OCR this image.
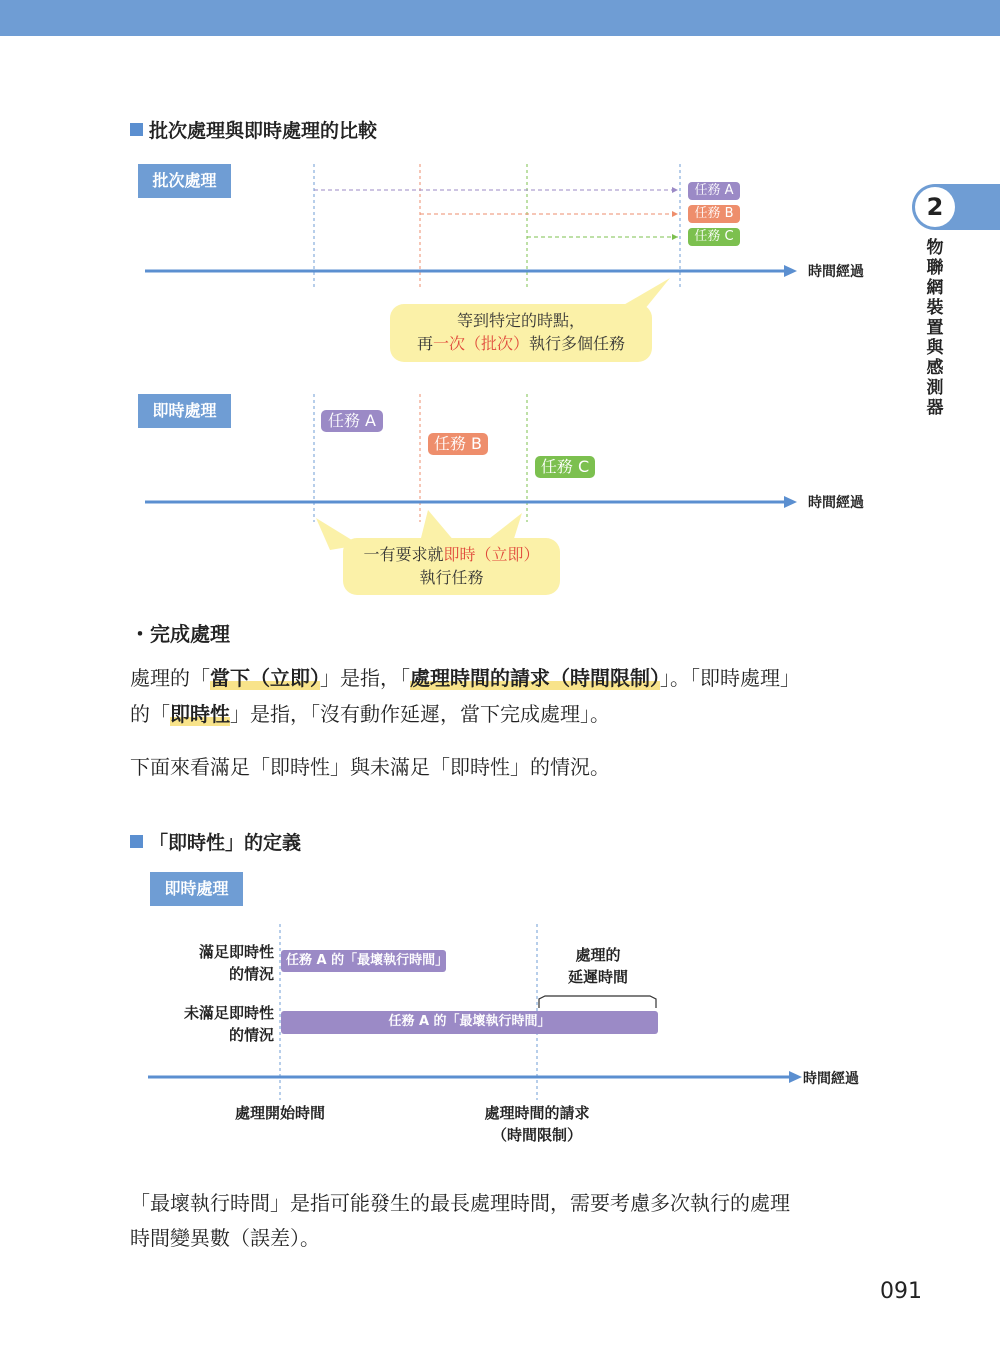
2
物聯網裝置與感測器
批次處理與即時處理的比較
批次處理
任務 A
任務 B
任務 C
時間經過
等到特定的時點，
再一次（批次）執行多個任務
即時處理
任務 A
任務 B
任務 C
時間經過
一有要求就即時（立即）
執行任務
・完成處理
處理的「當下（立即）」是指，「處理時間的請求（時間限制）」。「即時處理」
的「即時性」是指，「沒有動作延遲，當下完成處理」。
下面來看滿足「即時性」與未滿足「即時性」的情況。
「即時性」的定義
即時處理
滿足即時性
的情況
任務 A 的「最壞執行時間」
未滿足即時性
的情況
任務 A 的「最壞執行時間」
處理的
延遲時間
時間經過
處理開始時間	處理時間的請求
（時間限制）
「最壞執行時間」是指可能發生的最長處理時間，需要考慮多次執行的處理
時間變異數（誤差）。
091
